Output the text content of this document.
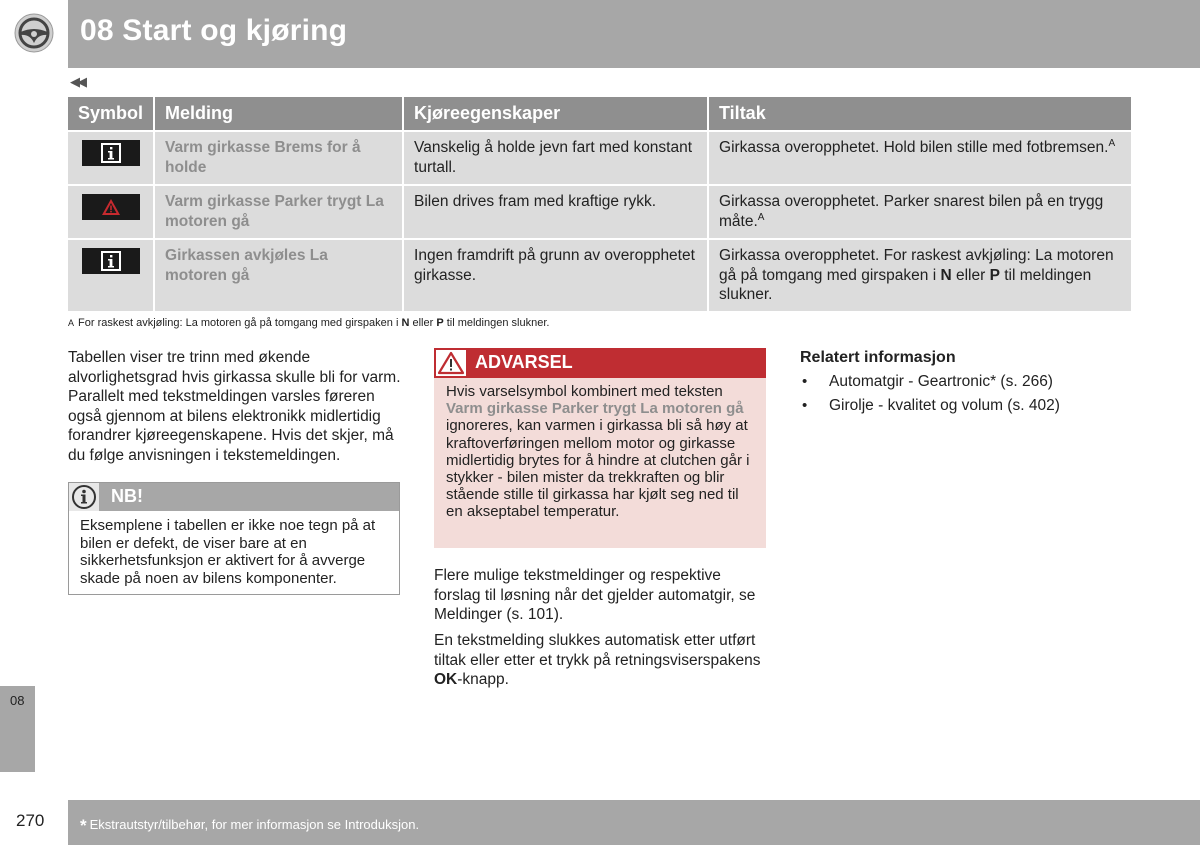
08 Start og kjøring
◀◀
Symbol	Melding	Kjøreegenskaper	Tiltak

	Varm girkasse Brems for å holde	Vanskelig å holde jevn fart med konstant turtall.	Girkassa overopphetet. Hold bilen stille med fotbremsen.$^A$

	Varm girkasse Parker trygt La motoren gå	Bilen drives fram med kraftige rykk.	Girkassa overopphetet. Parker snarest bilen på en trygg måte.$^A$

	Girkassen avkjøles La motoren gå	Ingen framdrift på grunn av overopphetet girkasse.	Girkassa overopphetet. For raskest avkjøling: La motoren gå på tomgang med girspaken i N eller P til meldingen slukner.
A For raskest avkjøling: La motoren gå på tomgang med girspaken i N eller P til meldingen slukner.
Tabellen viser tre trinn med økende alvorlighetsgrad hvis girkassa skulle bli for varm. Parallelt med tekstmeldingen varsles føreren også gjennom at bilens elektronikk midlertidig forandrer kjøreegenskapene. Hvis det skjer, må du følge anvisningen i tekstemeldingen.
NB!
Eksemplene i tabellen er ikke noe tegn på at bilen er defekt, de viser bare at en sikkerhetsfunksjon er aktivert for å avverge skade på noen av bilens komponenter.
ADVARSEL
Hvis varselsymbol kombinert med teksten Varm girkasse Parker trygt La motoren gå ignoreres, kan varmen i girkassa bli så høy at kraftoverføringen mellom motor og girkasse midlertidig brytes for å hindre at clutchen går i stykker - bilen mister da trekkraften og blir stående stille til girkassa har kjølt seg ned til en akseptabel temperatur.
Flere mulige tekstmeldinger og respektive forslag til løsning når det gjelder automatgir, se Meldinger (s. 101).
En tekstmelding slukkes automatisk etter utført tiltak eller etter et trykk på retningsviserspakens OK-knapp.
Relatert informasjon
• Automatgir - Geartronic* (s. 266)
• Girolje - kvalitet og volum (s. 402)
08
270 * Ekstrautstyr/tilbehør, for mer informasjon se Introduksjon.
